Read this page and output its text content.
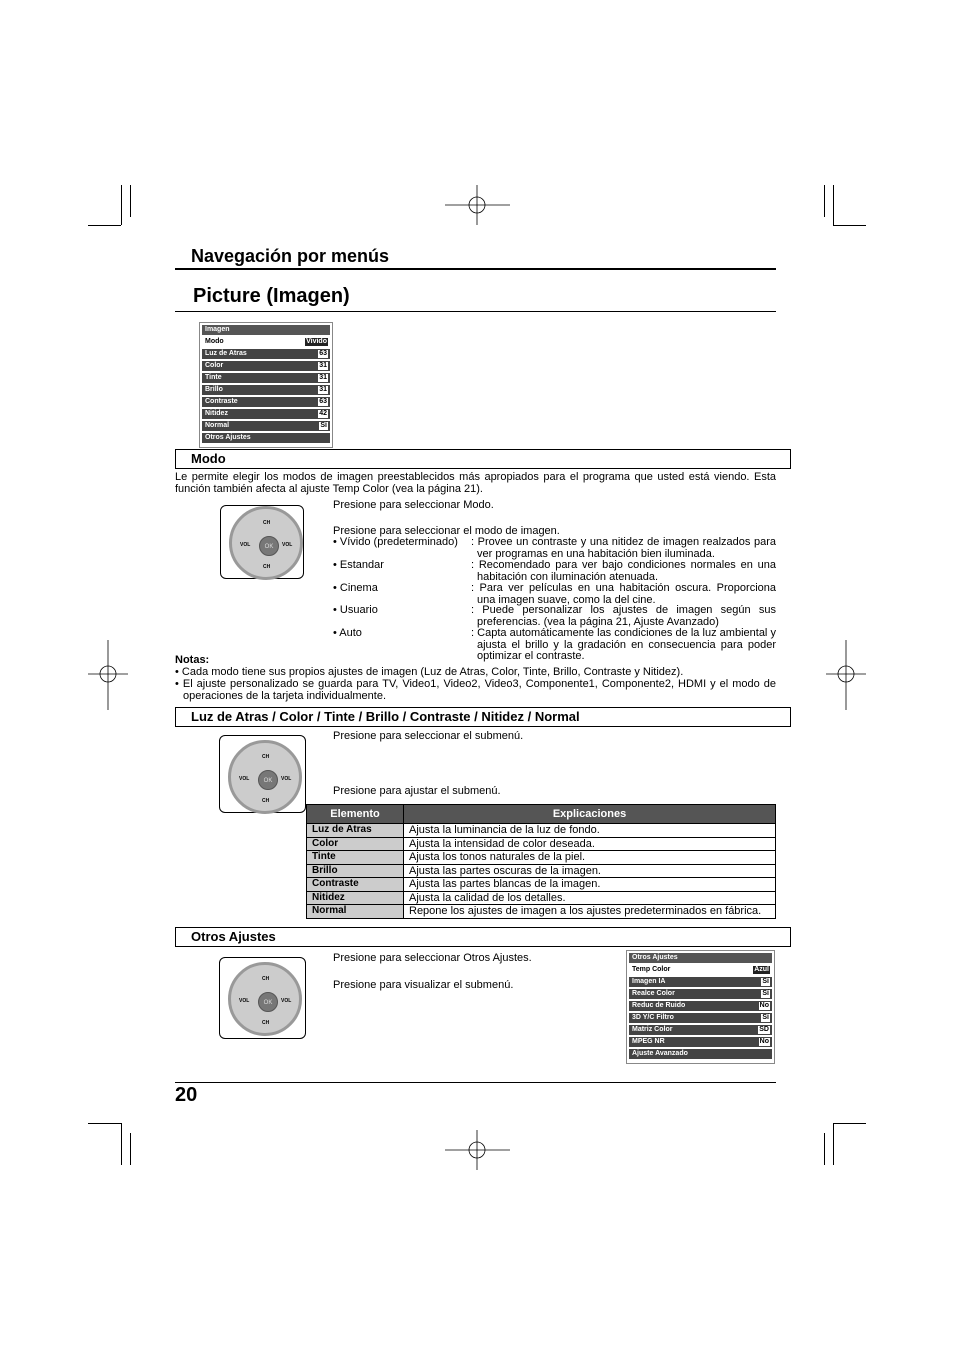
Navegación por menús
Picture (Imagen)
Imagen
Modo	Vivido
Luz de Atras	63
Color	31
Tinte	31
Brillo	31
Contraste	63
Nitidez	42
Normal	Sí
Otros Ajustes
Modo
Le permite elegir los modos de imagen preestablecidos más apropiados para el programa que usted está viendo. Esta función también afecta al ajuste Temp Color (vea la página 21).
CH
CH
VOL	VOL
OK
Presione para seleccionar Modo.
Presione para seleccionar el modo de imagen.
• Vívido (predeterminado) : Provee un contraste y una nitidez de imagen realzados para ver programas en una habitación bien iluminada.
• Estandar	: Recomendado para ver bajo condiciones normales en una habitación con iluminación atenuada.
• Cinema	: Para ver películas en una habitación oscura. Proporciona una imagen suave, como la del cine.
• Usuario	: Puede personalizar los ajustes de imagen según sus preferencias. (vea la página 21, Ajuste Avanzado)
• Auto	: Capta automáticamente las condiciones de la luz ambiental y ajusta el brillo y la gradación en consecuencia para poder optimizar el contraste.
Notas:
• Cada modo tiene sus propios ajustes de imagen (Luz de Atras, Color, Tinte, Brillo, Contraste y Nitidez).
• El ajuste personalizado se guarda para TV, Video1, Video2, Video3, Componente1, Componente2, HDMI y el modo de operaciones de la tarjeta individualmente.
Luz de Atras / Color / Tinte / Brillo / Contraste / Nitidez / Normal
CH
CH
VOL	VOL
OK
Presione para seleccionar el submenú.
Presione para ajustar el submenú.
Elemento	Explicaciones
Luz de Atras	Ajusta la luminancia de la luz de fondo.
Color	Ajusta la intensidad de color deseada.
Tinte	Ajusta los tonos naturales de la piel.
Brillo	Ajusta las partes oscuras de la imagen.
Contraste	Ajusta las partes blancas de la imagen.
Nitidez	Ajusta la calidad de los detalles.
Normal	Repone los ajustes de imagen a los ajustes predeterminados en fábrica.
Otros Ajustes
CH
CH
VOL	VOL
OK
Presione para seleccionar Otros Ajustes.
Presione para visualizar el submenú.
Otros Ajustes
Temp Color	Azul
Imagen IA	Sí
Realce Color	Sí
Reduc de Ruido	No
3D Y/C Filtro	Sí
Matriz Color	SD
MPEG NR	No
Ajuste Avanzado
20
